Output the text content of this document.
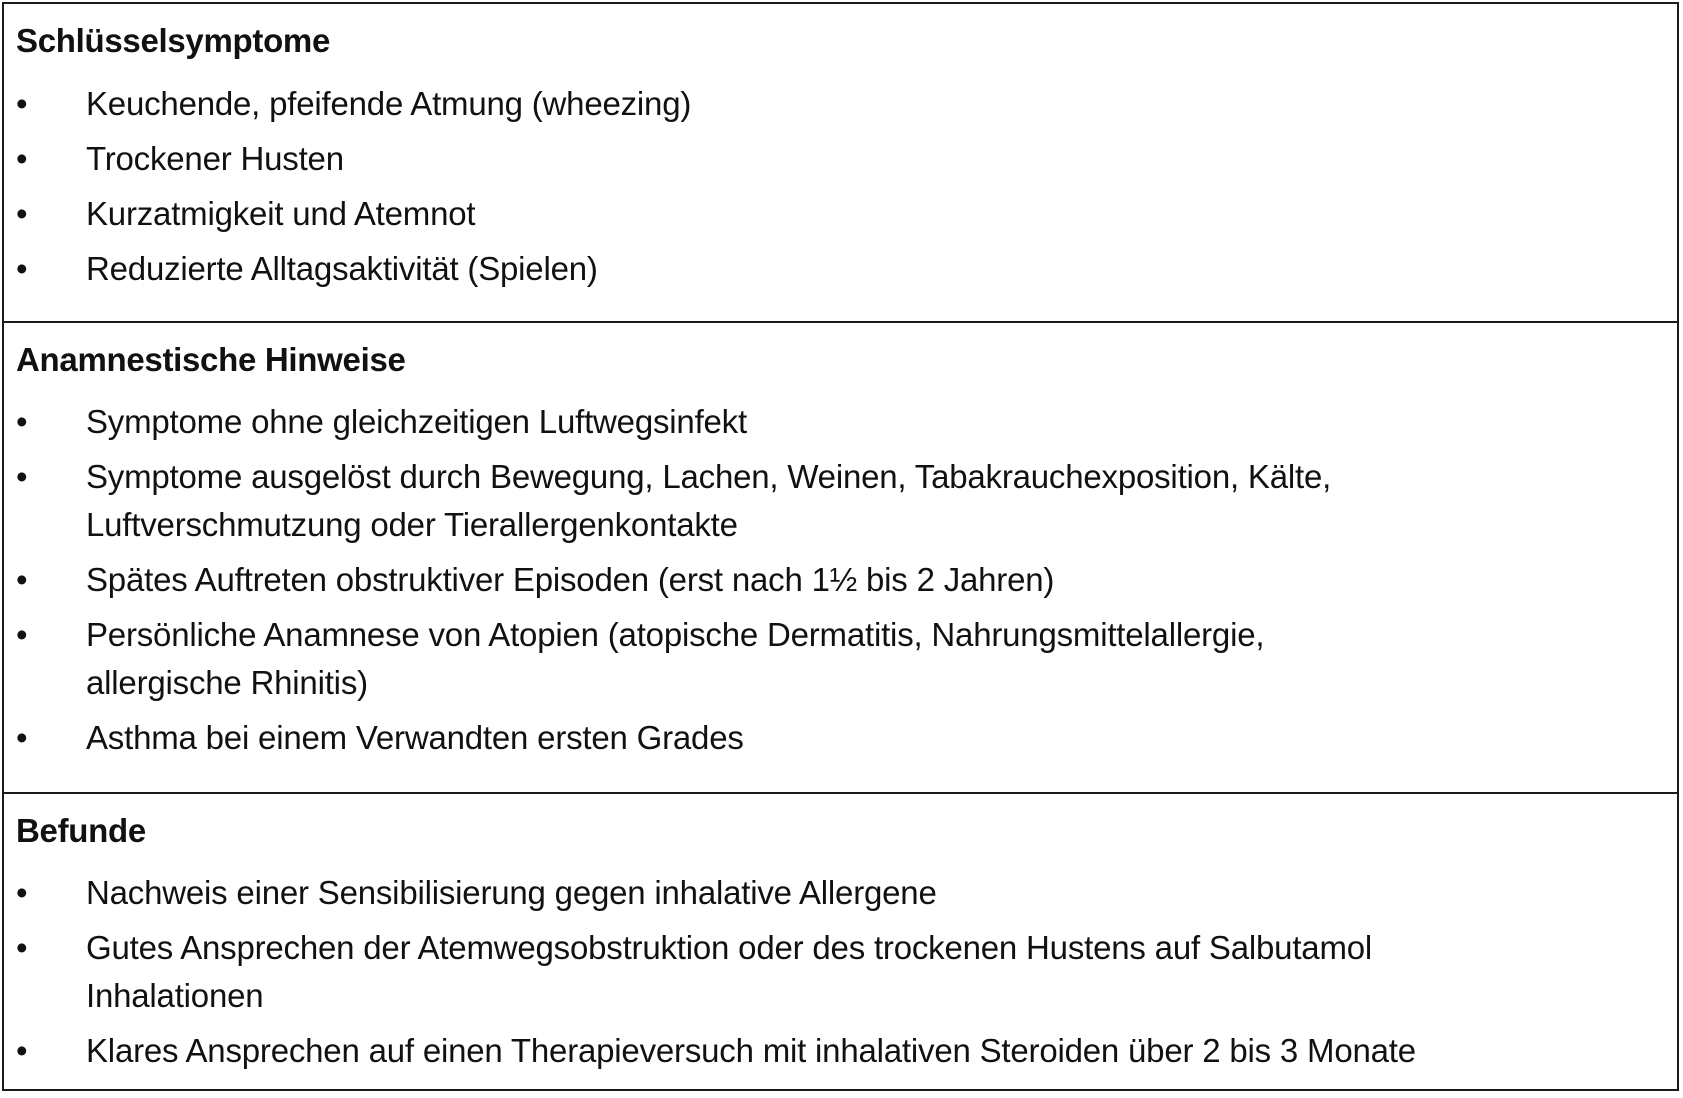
Schlüsselsymptome
• Keuchende, pfeifende Atmung (wheezing)
• Trockener Husten
• Kurzatmigkeit und Atemnot
• Reduzierte Alltagsaktivität (Spielen)
Anamnestische Hinweise
• Symptome ohne gleichzeitigen Luftwegsinfekt
• Symptome ausgelöst durch Bewegung, Lachen, Weinen, Tabakrauchexposition, Kälte,
Luftverschmutzung oder Tierallergenkontakte
• Spätes Auftreten obstruktiver Episoden (erst nach 1½ bis 2 Jahren)
• Persönliche Anamnese von Atopien (atopische Dermatitis, Nahrungsmittelallergie,
allergische Rhinitis)
• Asthma bei einem Verwandten ersten Grades
Befunde
• Nachweis einer Sensibilisierung gegen inhalative Allergene
• Gutes Ansprechen der Atemwegsobstruktion oder des trockenen Hustens auf Salbutamol
Inhalationen
• Klares Ansprechen auf einen Therapieversuch mit inhalativen Steroiden über 2 bis 3 Monate
